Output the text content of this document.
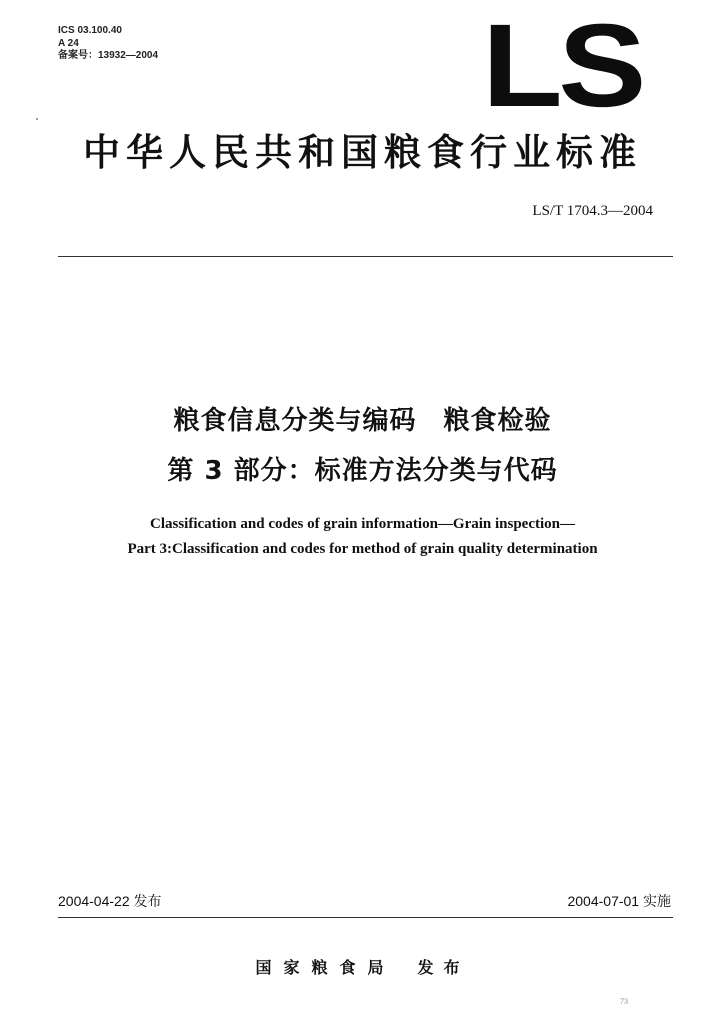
ICS 03.100.40
A 24
备案号：13932—2004	LS
中华人民共和国粮食行业标准
LS/T 1704.3—2004
粮食信息分类与编码　粮食检验
第 3 部分：标准方法分类与代码
Classification and codes of grain information—Grain inspection—
Part 3:Classification and codes for method of grain quality determination
2004-04-22 发布	2004-07-01 实施
国家粮食局 发布
73
